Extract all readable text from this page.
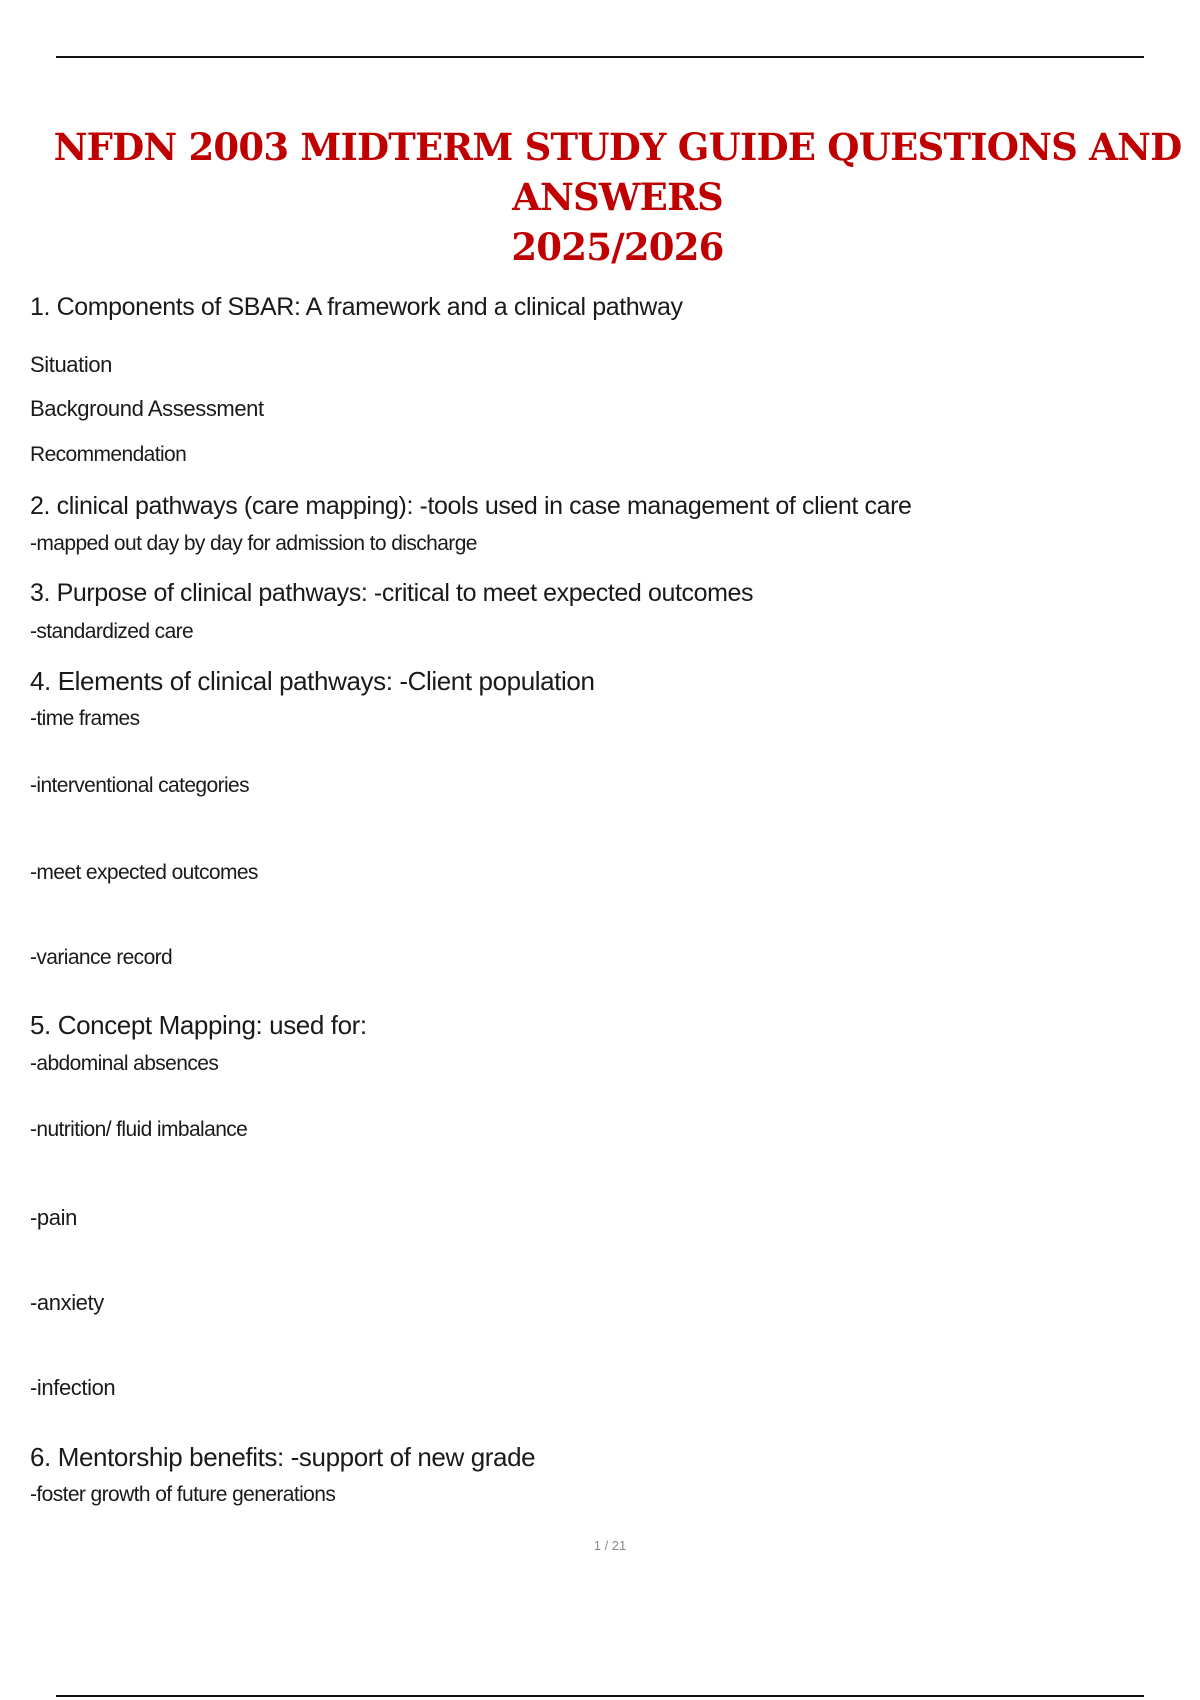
NFDN 2003 MIDTERM STUDY GUIDE QUESTIONS AND ANSWERS
2025/2026

1. Components of SBAR: A framework and a clinical pathway

Situation

Background Assessment

Recommendation

2. clinical pathways (care mapping): -tools used in case management of client care

-mapped out day by day for admission to discharge

3. Purpose of clinical pathways: -critical to meet expected outcomes

-standardized care

4. Elements of clinical pathways: -Client population

-time frames

-interventional categories

-meet expected outcomes

-variance record

5. Concept Mapping: used for:

-abdominal absences

-nutrition/ fluid imbalance

-pain

-anxiety

-infection

6. Mentorship benefits: -support of new grade

-foster growth of future generations

1 / 21
